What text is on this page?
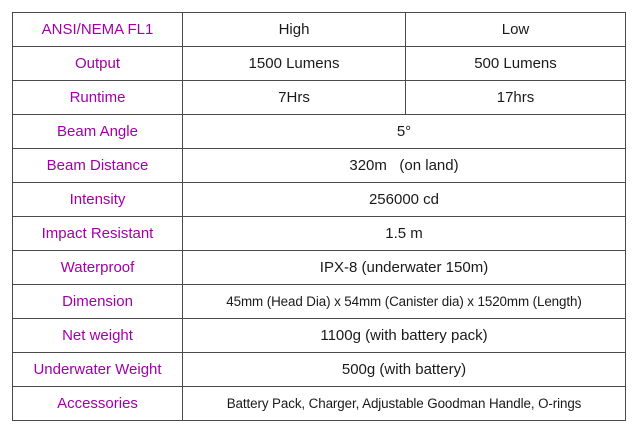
ANSI/NEMA FL1	High	Low
Output	1500 Lumens	500 Lumens
Runtime	7Hrs	17hrs
Beam Angle	5°	
Beam Distance	320m   (on land)	
Intensity	256000 cd	
Impact Resistant	1.5 m	
Waterproof	IPX-8 (underwater 150m)	
Dimension	45mm (Head Dia) x 54mm (Canister dia) x 1520mm (Length)	
Net weight	1100g (with battery pack)	
Underwater Weight	500g (with battery)	
Accessories	Battery Pack, Charger, Adjustable Goodman Handle, O-rings	
